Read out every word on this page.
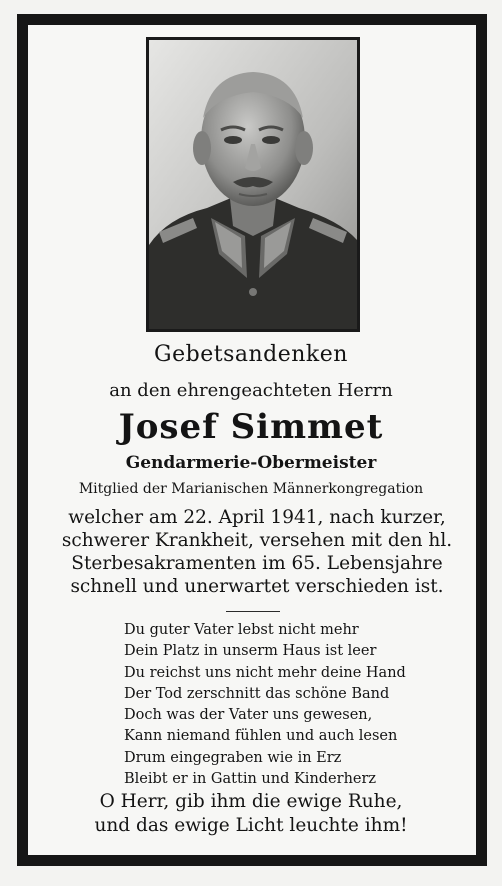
Gebetsandenken
an den ehrengeachteten Herrn
Josef Simmet
Gendarmerie-Obermeister
Mitglied der Marianischen Männerkongregation
welcher am 22. April 1941, nach kurzer,
schwerer Krankheit, versehen mit den hl.
Sterbesakramenten im 65. Lebensjahre
schnell und unerwartet verschieden ist.
Du guter Vater lebst nicht mehr
Dein Platz in unserm Haus ist leer
Du reichst uns nicht mehr deine Hand
Der Tod zerschnitt das schöne Band
Doch was der Vater uns gewesen,
Kann niemand fühlen und auch lesen
Drum eingegraben wie in Erz
Bleibt er in Gattin und Kinderherz
O Herr, gib ihm die ewige Ruhe,
und das ewige Licht leuchte ihm!
